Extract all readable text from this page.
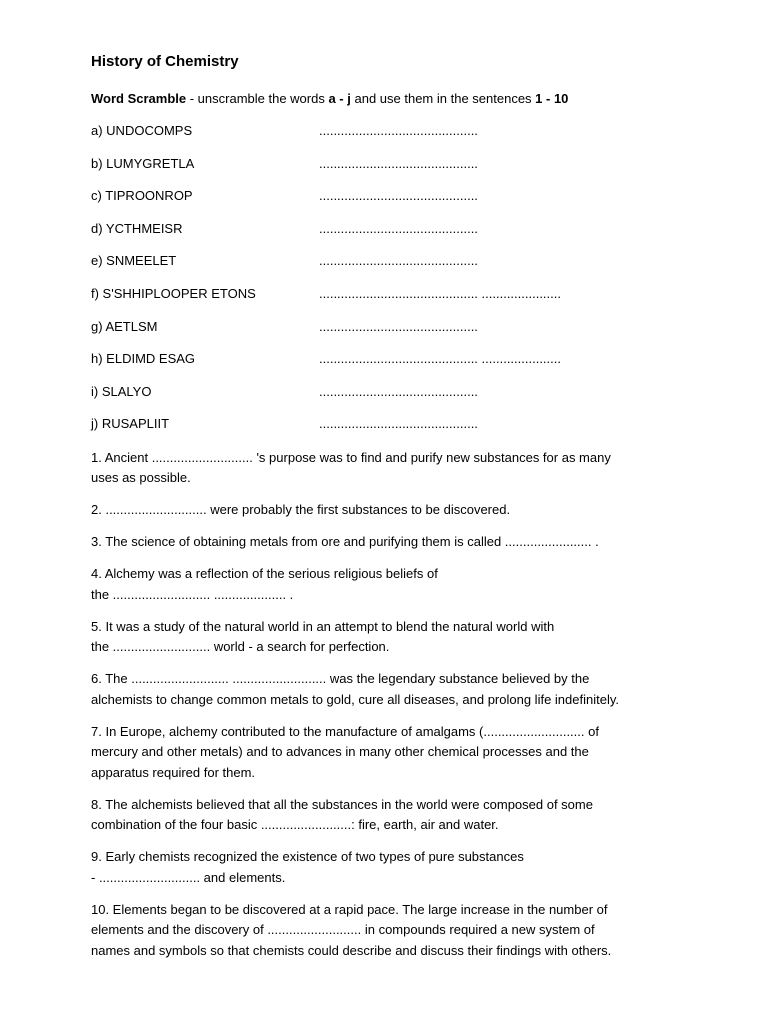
History of Chemistry
Word Scramble - unscramble the words a - j and use them in the sentences 1 - 10
a) UNDOCOMPS	............................................
b) LUMYGRETLA	............................................
c) TIPROONROP	............................................
d) YCTHMEISR	............................................
e) SNMEELET	............................................
f) S'SHHIPLOOPER ETONS	............................................ ......................
g) AETLSM	............................................
h) ELDIMD ESAG	............................................ ......................
i) SLALYO	............................................
j) RUSAPLIIT	............................................
1. Ancient ............................ 's purpose was to find and purify new substances for as many
uses as possible.
2. ............................ were probably the first substances to be discovered.
3. The science of obtaining metals from ore and purifying them is called ........................ .
4. Alchemy was a reflection of the serious religious beliefs of
the ........................... .................... .
5. It was a study of the natural world in an attempt to blend the natural world with
the ........................... world - a search for perfection.
6. The ........................... .......................... was the legendary substance believed by the
alchemists to change common metals to gold, cure all diseases, and prolong life indefinitely.
7. In Europe, alchemy contributed to the manufacture of amalgams (............................ of
mercury and other metals) and to advances in many other chemical processes and the
apparatus required for them.
8. The alchemists believed that all the substances in the world were composed of some
combination of the four basic .........................: fire, earth, air and water.
9. Early chemists recognized the existence of two types of pure substances
- ............................ and elements.
10. Elements began to be discovered at a rapid pace. The large increase in the number of
elements and the discovery of .......................... in compounds required a new system of
names and symbols so that chemists could describe and discuss their findings with others.
